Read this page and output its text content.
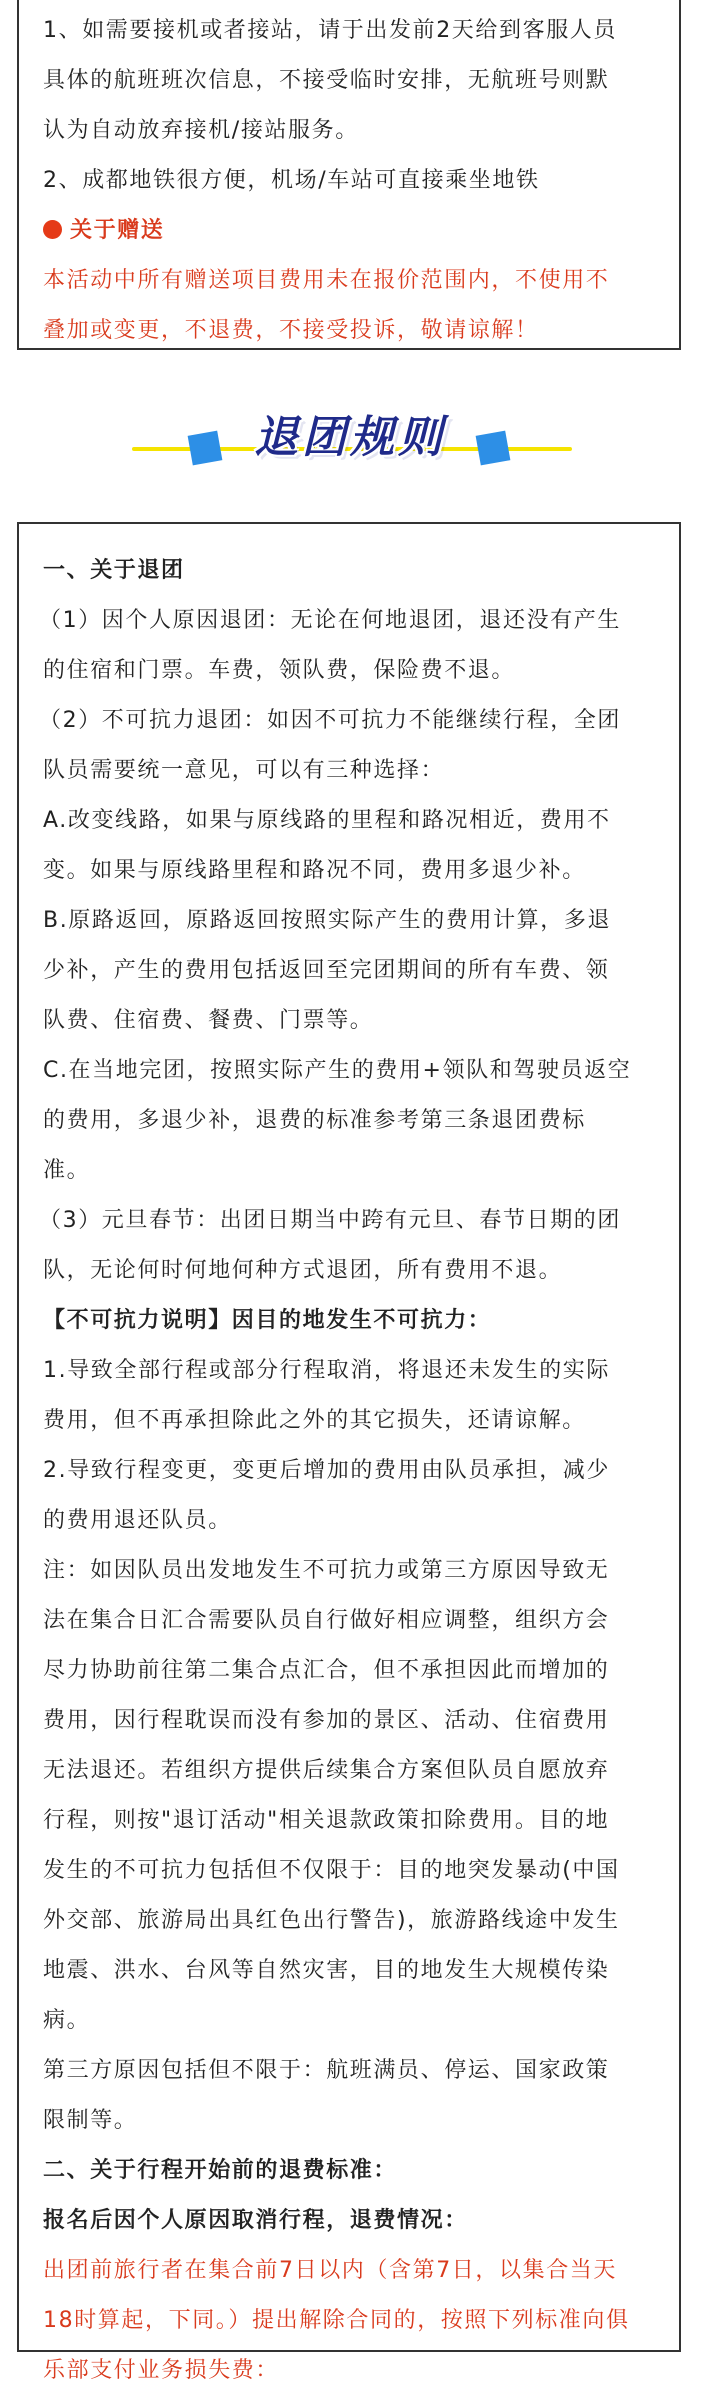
1、如需要接机或者接站，请于出发前2天给到客服人员
具体的航班班次信息，不接受临时安排，无航班号则默
认为自动放弃接机/接站服务。
2、成都地铁很方便，机场/车站可直接乘坐地铁
关于赠送
本活动中所有赠送项目费用未在报价范围内，不使用不
叠加或变更，不退费，不接受投诉，敬请谅解！
退团规则
一、关于退团
（1）因个人原因退团：无论在何地退团，退还没有产生
的住宿和门票。车费，领队费，保险费不退。
（2）不可抗力退团：如因不可抗力不能继续行程，全团
队员需要统一意见，可以有三种选择：
A.改变线路，如果与原线路的里程和路况相近，费用不
变。如果与原线路里程和路况不同，费用多退少补。
B.原路返回，原路返回按照实际产生的费用计算，多退
少补，产生的费用包括返回至完团期间的所有车费、领
队费、住宿费、餐费、门票等。
C.在当地完团，按照实际产生的费用+领队和驾驶员返空
的费用，多退少补，退费的标准参考第三条退团费标
准。
（3）元旦春节：出团日期当中跨有元旦、春节日期的团
队，无论何时何地何种方式退团，所有费用不退。
【不可抗力说明】因目的地发生不可抗力：
1.导致全部行程或部分行程取消，将退还未发生的实际
费用，但不再承担除此之外的其它损失，还请谅解。
2.导致行程变更，变更后增加的费用由队员承担，减少
的费用退还队员。
注：如因队员出发地发生不可抗力或第三方原因导致无
法在集合日汇合需要队员自行做好相应调整，组织方会
尽力协助前往第二集合点汇合，但不承担因此而增加的
费用，因行程耽误而没有参加的景区、活动、住宿费用
无法退还。若组织方提供后续集合方案但队员自愿放弃
行程，则按"退订活动"相关退款政策扣除费用。目的地
发生的不可抗力包括但不仅限于：目的地突发暴动(中国
外交部、旅游局出具红色出行警告)，旅游路线途中发生
地震、洪水、台风等自然灾害，目的地发生大规模传染
病。
第三方原因包括但不限于：航班满员、停运、国家政策
限制等。
二、关于行程开始前的退费标准：
报名后因个人原因取消行程，退费情况：
出团前旅行者在集合前7日以内（含第7日，以集合当天
18时算起，下同。）提出解除合同的，按照下列标准向俱
乐部支付业务损失费：
